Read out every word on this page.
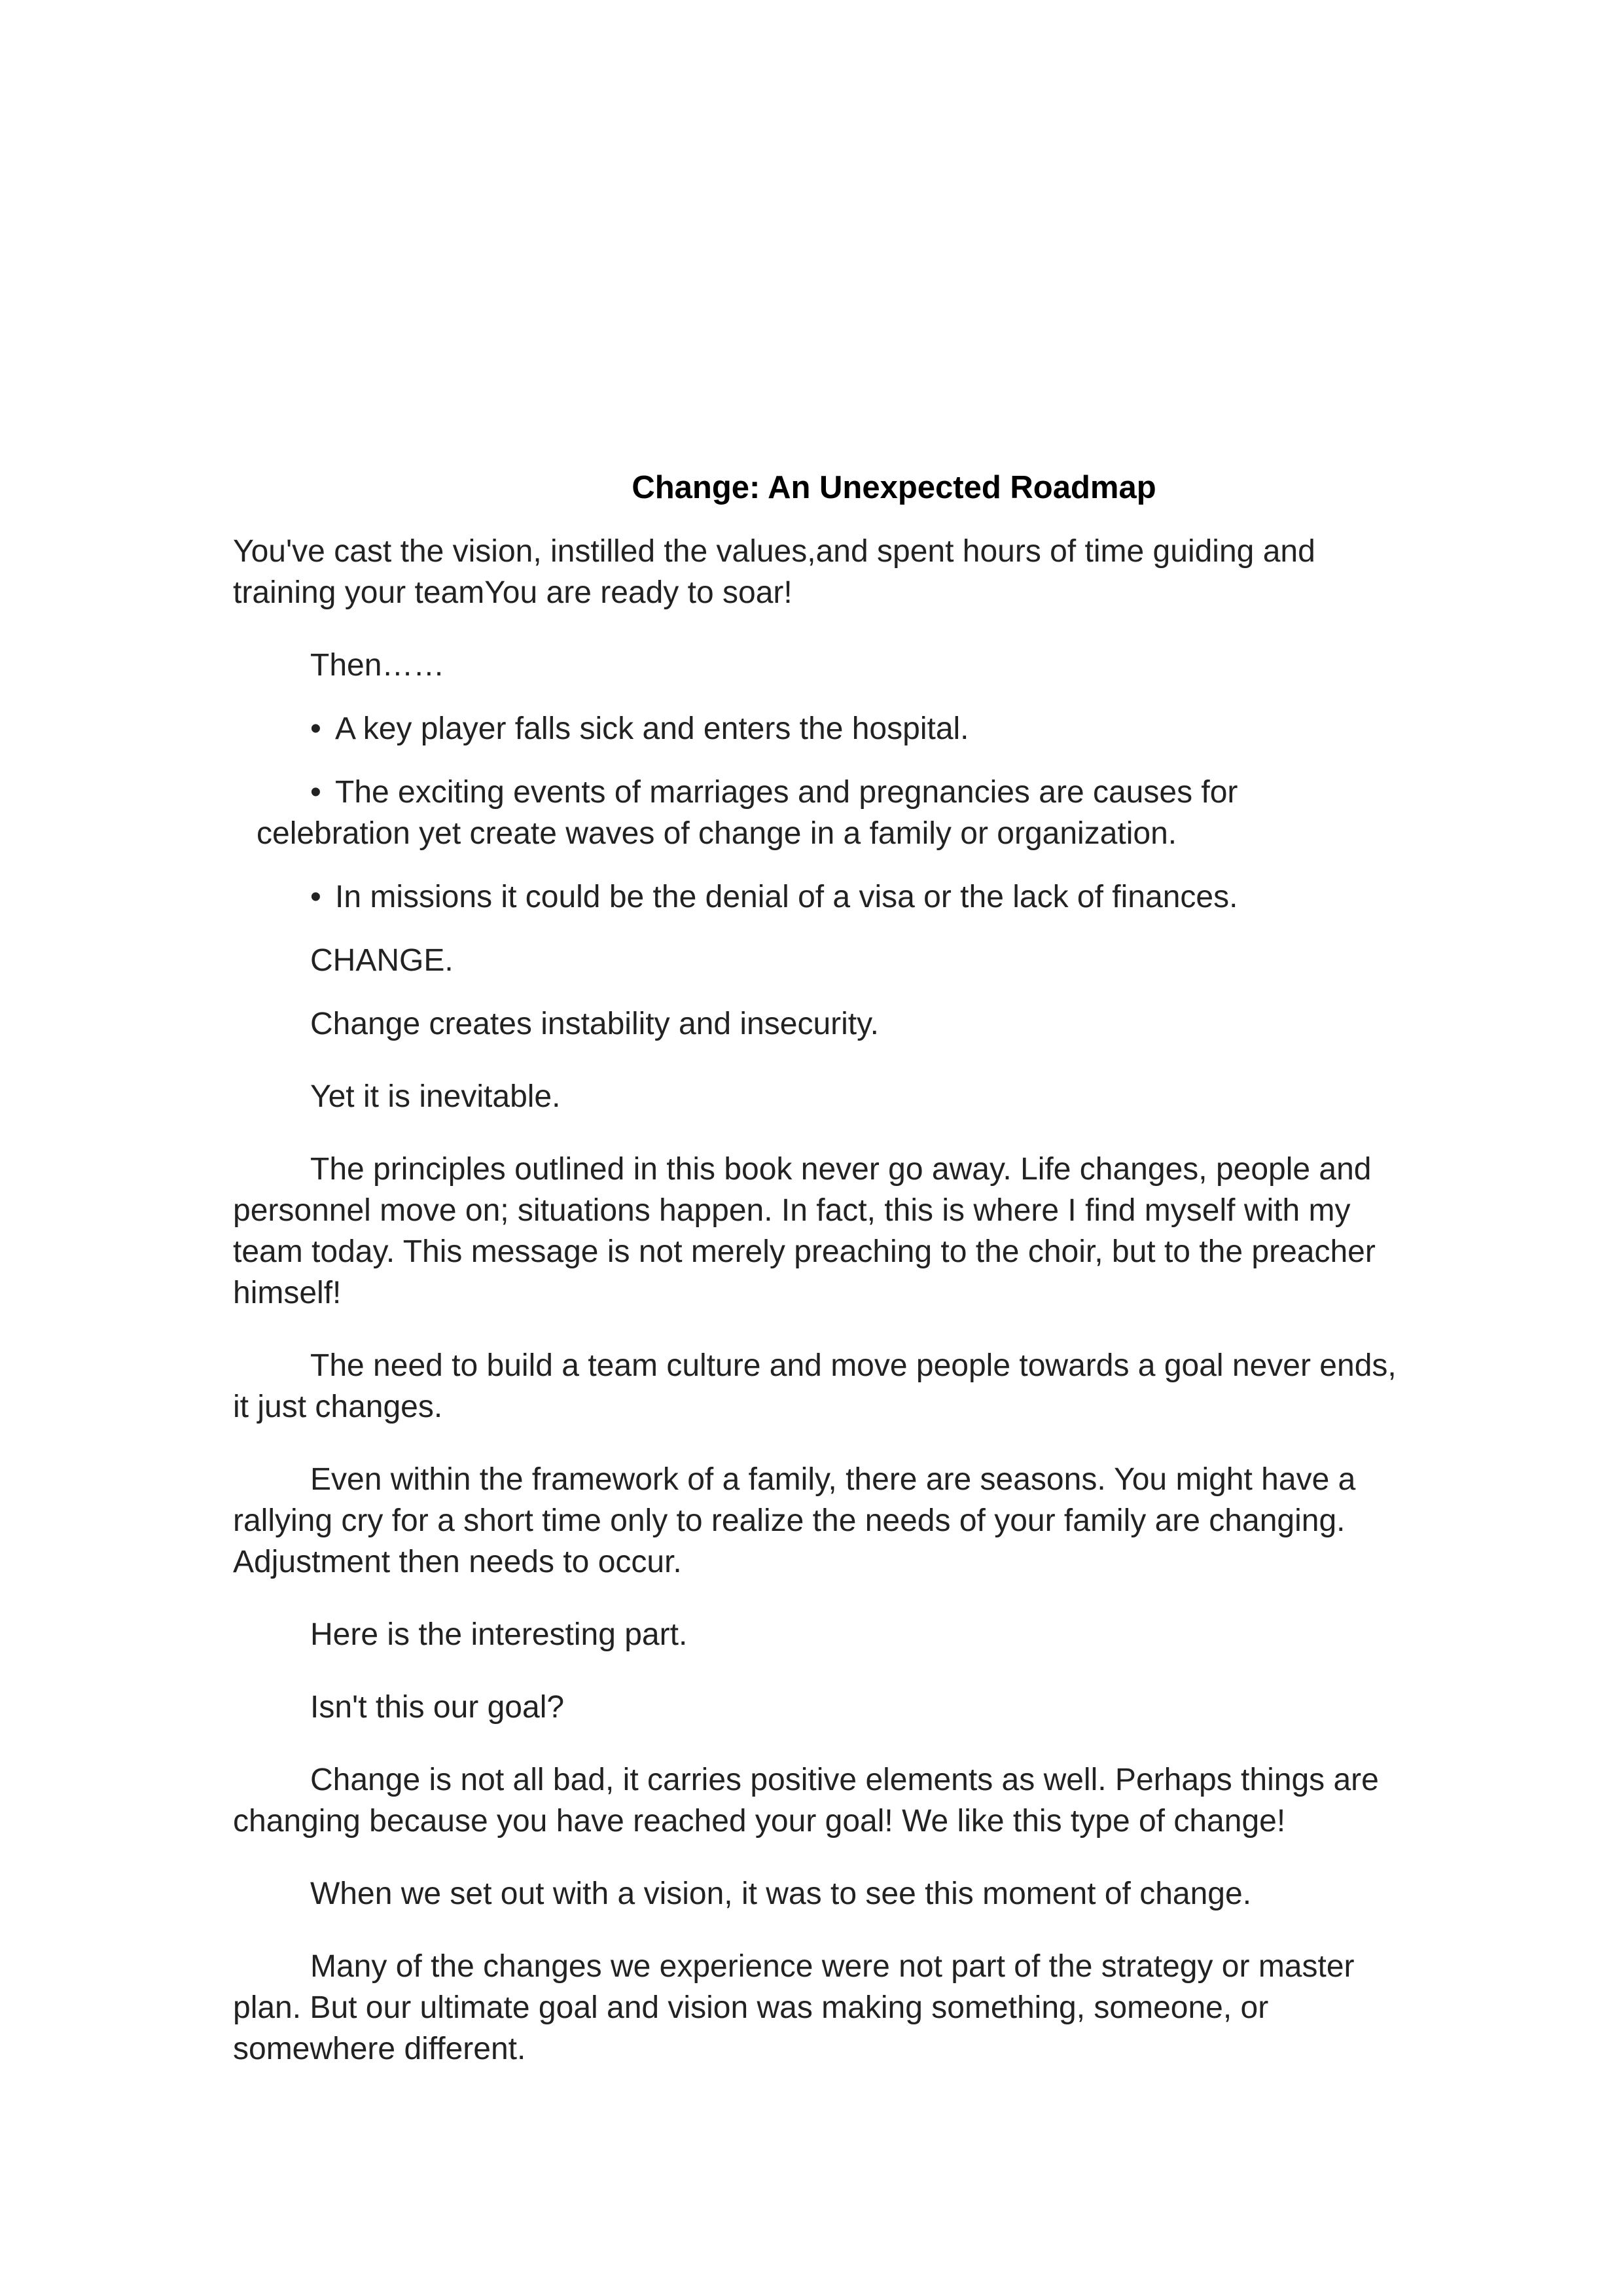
Change: An Unexpected Roadmap

You've cast the vision, instilled the values,and spent hours of time guiding and training your teamYou are ready to soar!

Then……

• A key player falls sick and enters the hospital.

• The exciting events of marriages and pregnancies are causes for celebration yet create waves of change in a family or organization.

• In missions it could be the denial of a visa or the lack of finances.

CHANGE.

Change creates instability and insecurity.

Yet it is inevitable.

The principles outlined in this book never go away. Life changes, people and personnel move on; situations happen. In fact, this is where I find myself with my team today. This message is not merely preaching to the choir, but to the preacher himself!

The need to build a team culture and move people towards a goal never ends, it just changes.

Even within the framework of a family, there are seasons. You might have a rallying cry for a short time only to realize the needs of your family are changing. Adjustment then needs to occur.

Here is the interesting part.

Isn't this our goal?

Change is not all bad, it carries positive elements as well. Perhaps things are changing because you have reached your goal! We like this type of change!

When we set out with a vision, it was to see this moment of change.

Many of the changes we experience were not part of the strategy or master plan. But our ultimate goal and vision was making something, someone, or somewhere different.
